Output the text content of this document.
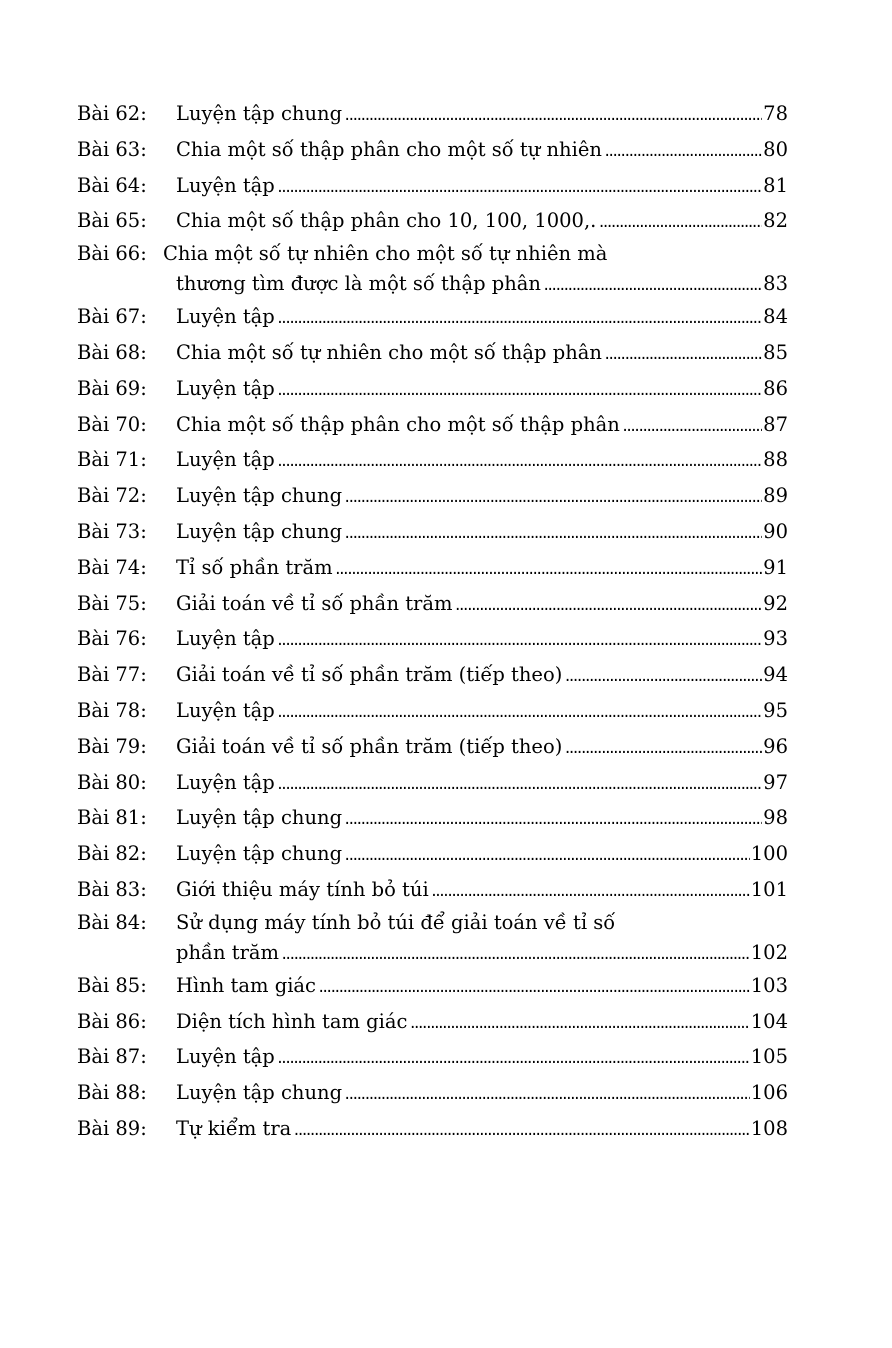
Bài 62: Luyện tập chung .....	78
Bài 63: Chia một số thập phân cho một số tự nhiên .....	80
Bài 64: Luyện tập .....	81
Bài 65: Chia một số thập phân cho 10, 100, 1000,. .....	82
Bài 66: Chia một số tự nhiên cho một số tự nhiên mà
thương tìm được là một số thập phân .....	83
Bài 67: Luyện tập .....	84
Bài 68: Chia một số tự nhiên cho một số thập phân .....	85
Bài 69: Luyện tập .....	86
Bài 70: Chia một số thập phân cho một số thập phân .....	87
Bài 71: Luyện tập .....	88
Bài 72: Luyện tập chung .....	89
Bài 73: Luyện tập chung .....	90
Bài 74: Tỉ số phần trăm .....	91
Bài 75: Giải toán về tỉ số phần trăm .....	92
Bài 76: Luyện tập .....	93
Bài 77: Giải toán về tỉ số phần trăm (tiếp theo) .....	94
Bài 78: Luyện tập .....	95
Bài 79: Giải toán về tỉ số phần trăm (tiếp theo) .....	96
Bài 80: Luyện tập .....	97
Bài 81: Luyện tập chung .....	98
Bài 82: Luyện tập chung .....	100
Bài 83: Giới thiệu máy tính bỏ túi .....	101
Bài 84: Sử dụng máy tính bỏ túi để giải toán về tỉ số
phần trăm .....	102
Bài 85: Hình tam giác .....	103
Bài 86: Diện tích hình tam giác .....	104
Bài 87: Luyện tập .....	105
Bài 88: Luyện tập chung .....	106
Bài 89: Tự kiểm tra .....	108
